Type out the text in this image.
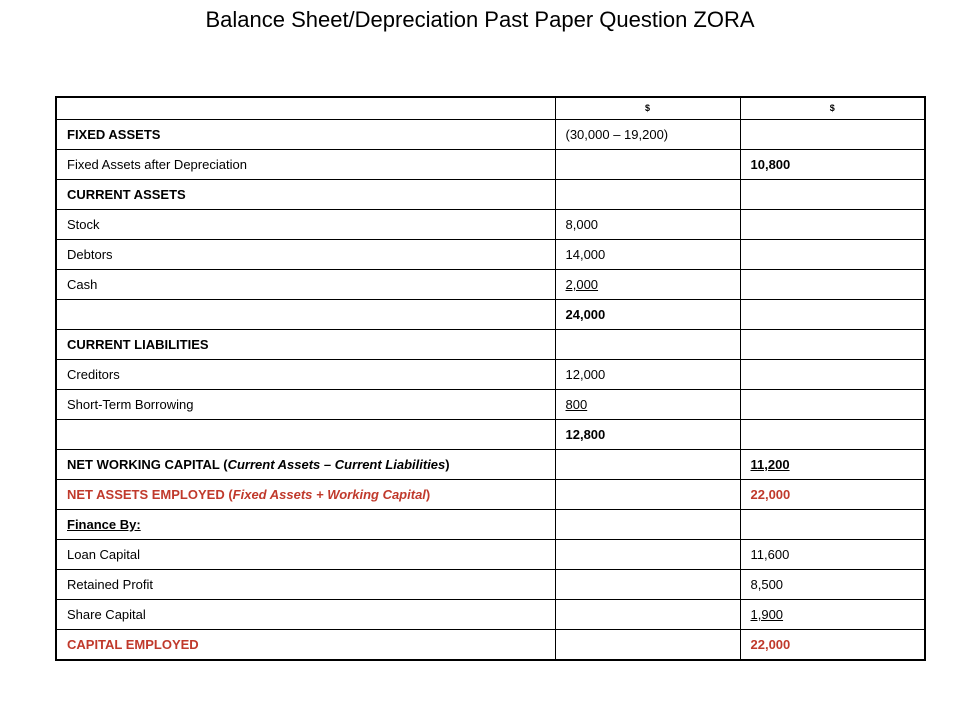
Balance Sheet/Depreciation Past Paper Question ZORA
	$	$
FIXED ASSETS	(30,000 – 19,200)	
Fixed Assets after Depreciation		10,800
CURRENT ASSETS		
Stock	8,000	
Debtors	14,000	
Cash	2,000	
	24,000	
CURRENT LIABILITIES		
Creditors	12,000	
Short-Term Borrowing	800	
	12,800	
NET WORKING CAPITAL (Current Assets – Current Liabilities)		11,200
NET ASSETS EMPLOYED (Fixed Assets + Working Capital)		22,000
Finance By:		
Loan Capital		11,600
Retained Profit		8,500
Share Capital		1,900
CAPITAL EMPLOYED		22,000
